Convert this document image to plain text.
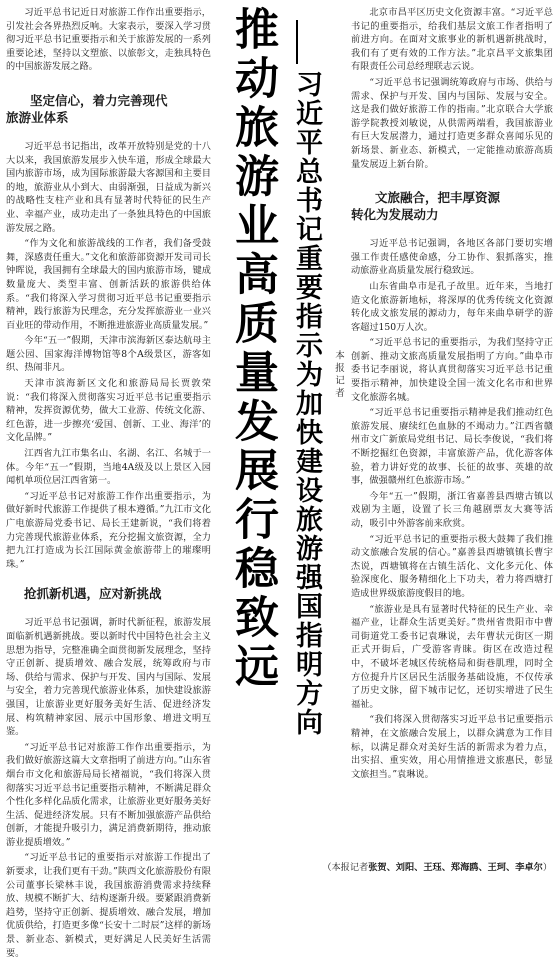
习近平总书记近日对旅游工作作出重要指示，引发社会各界热烈反响。大家表示，要深入学习贯彻习近平总书记重要指示和关于旅游发展的一系列重要论述，坚持以文塑旅、以旅彰文，走独具特色的中国旅游发展之路。

坚定信心，着力完善现代
旅游业体系

习近平总书记指出，改革开放特别是党的十八大以来，我国旅游发展步入快车道，形成全球最大国内旅游市场，成为国际旅游最大客源国和主要目的地，旅游业从小到大、由弱渐强，日益成为新兴的战略性支柱产业和具有显著时代特征的民生产业、幸福产业，成功走出了一条独具特色的中国旅游发展之路。

“作为文化和旅游战线的工作者，我们备受鼓舞，深感责任重大。”文化和旅游部资源开发司司长钟晖说，我国拥有全球最大的国内旅游市场，键成数量庞大、类型丰富、创新活跃的旅游供给体系。“我们将深入学习贯彻习近平总书记重要指示精神，践行旅游为民理念，充分发挥旅游业一业兴百业旺的带动作用，不断推进旅游业高质量发展。”

今年“五一”假期，天津市滨海新区泰达航母主题公园、国家海洋博物馆等8个A级景区，游客如织、热闹非凡。

天津市滨海新区文化和旅游局局长贾敦荣说：“我们将深入贯彻落实习近平总书记重要指示精神，发挥资源优势，做大工业游、传统文化游、红色游，进一步擦亮‘爱国、创新、工业、海洋’的文化品牌。”

江西省九江市集名山、名湖、名江、名城于一体。今年“五一”假期，当地4A级及以上景区入园闻机单项位居江西省第一。

“习近平总书记对旅游工作作出重要指示，为做好新时代旅游工作提供了根本遵循。”九江市文化广电旅游局党委书记、局长王建新说，“我们将着力完善现代旅游业体系，充分挖掘文旅资源，全力把九江打造成为长江国际黄金旅游带上的璀璨明珠。”

抢抓新机遇，应对新挑战

习近平总书记强调，新时代新征程，旅游发展面临新机遇新挑战。要以新时代中国特色社会主义思想为指导，完整准确全面贯彻新发展理念，坚持守正创新、提质增效、融合发展，统筹政府与市场、供给与需求、保护与开发、国内与国际、发展与安全，着力完善现代旅游业体系，加快建设旅游强国，让旅游业更好服务美好生活、促进经济发展、构筑精神家园、展示中国形象、增进文明互鉴。

“习近平总书记对旅游工作作出重要指示，为我们做好旅游这篇大文章指明了前进方向。”山东省烟台市文化和旅游局局长褚福说，“我们将深入贯彻落实习近平总书记重要指示精神，不断满足群众个性化多样化品质化需求，让旅游业更好服务美好生活、促进经济发展。只有不断加强旅游产品供给创新，才能提升吸引力，满足消费新期待，推动旅游业提质增效。”

“习近平总书记的重要指示对旅游工作提出了新要求，让我们更有干劲。”陕西文化旅游股份有限公司董事长梁林丰说，我国旅游消费需求持续释放、规模不断扩大、结构逐渐升级。要紧跟消费新趋势，坚持守正创新、提质增效、融合发展，增加优质供给，打造更多像“长安十二时辰”这样的新场景、新业态、新模式，更好满足人民美好生活需要。

推动旅游业高质量发展行稳致远 习近平总书记重要指示为加快建设旅游强国指明方向	本报记者

北京市昌平区历史文化资源丰富。“习近平总书记的重要指示，给我们基层文旅工作者指明了前进方向。在面对文旅事业的新机遇新挑战时，我们有了更有效的工作方法。”北京昌平文旅集团有限责任公司总经理联志云说。

“习近平总书记强调统筹政府与市场、供给与需求、保护与开发、国内与国际、发展与安全。这是我们做好旅游工作的指南。”北京联合大学旅游学院教授刘敏说，从供需两端看，我国旅游业有巨大发展潜力，通过打造更多群众喜闻乐见的新场景、新业态、新模式，一定能推动旅游高质量发展迈上新台阶。

文旅融合，把丰厚资源
转化为发展动力

习近平总书记强调，各地区各部门要切实增强工作责任感使命感，分工协作、狠抓落实，推动旅游业高质量发展行稳致远。

山东省曲阜市是孔子故里。近年来，当地打造文化旅游新地标，将深厚的优秀传统文化资源转化成文旅发展的源动力，每年来曲阜研学的游客超过150万人次。

“习近平总书记的重要指示，为我们坚持守正创新、推动文旅高质量发展指明了方向。”曲阜市委书记李丽说，将认真贯彻落实习近平总书记重要指示精神，加快建设全国一流文化名市和世界文化旅游名城。

“习近平总书记重要指示精神是我们推动红色旅游发展、赓续红色血脉的不竭动力。”江西省赣州市文广新旅局党组书记、局长李俊说，“我们将不断挖掘红色资源，丰富旅游产品，优化游客体验，着力讲好党的故事、长征的故事、英雄的故事，做强赣州红色旅游市场。”

今年“五一”假期，浙江省嘉善县西塘古镇以戏剧为主题，设置了长三角越剧票友大赛等活动，吸引中外游客前来欣赏。

“习近平总书记的重要指示极大鼓舞了我们推动文旅融合发展的信心。”嘉善县西塘镇镇长曹宇杰说，西塘镇将在古镇生活化、文化多元化、体验深度化、服务精细化上下功夫，着力将西塘打造成世界级旅游度假目的地。

“旅游业是具有显著时代特征的民生产业、幸福产业，让群众生活更美好。”贵州省贵阳市中曹司街道党工委书记袁琳说，去年曹状元街区一期正式开街后，广受游客青睐。街区在改造过程中，不破坏老城区传统格局和街巷肌理，同时全方位提升片区居民生活服务基础设施，不仅传承了历史文脉，留下城市记忆，还切实增进了民生福祉。

“我们将深入贯彻落实习近平总书记重要指示精神，在文旅融合发展上，以群众满意为工作目标，以满足群众对美好生活的新需求为着力点，出实招、重实效，用心用情推进文旅惠民，彰显文旅担当。”袁琳说。

（本报记者张贺、刘阳、王珏、郑海鸥、王珂、李卓尔）
